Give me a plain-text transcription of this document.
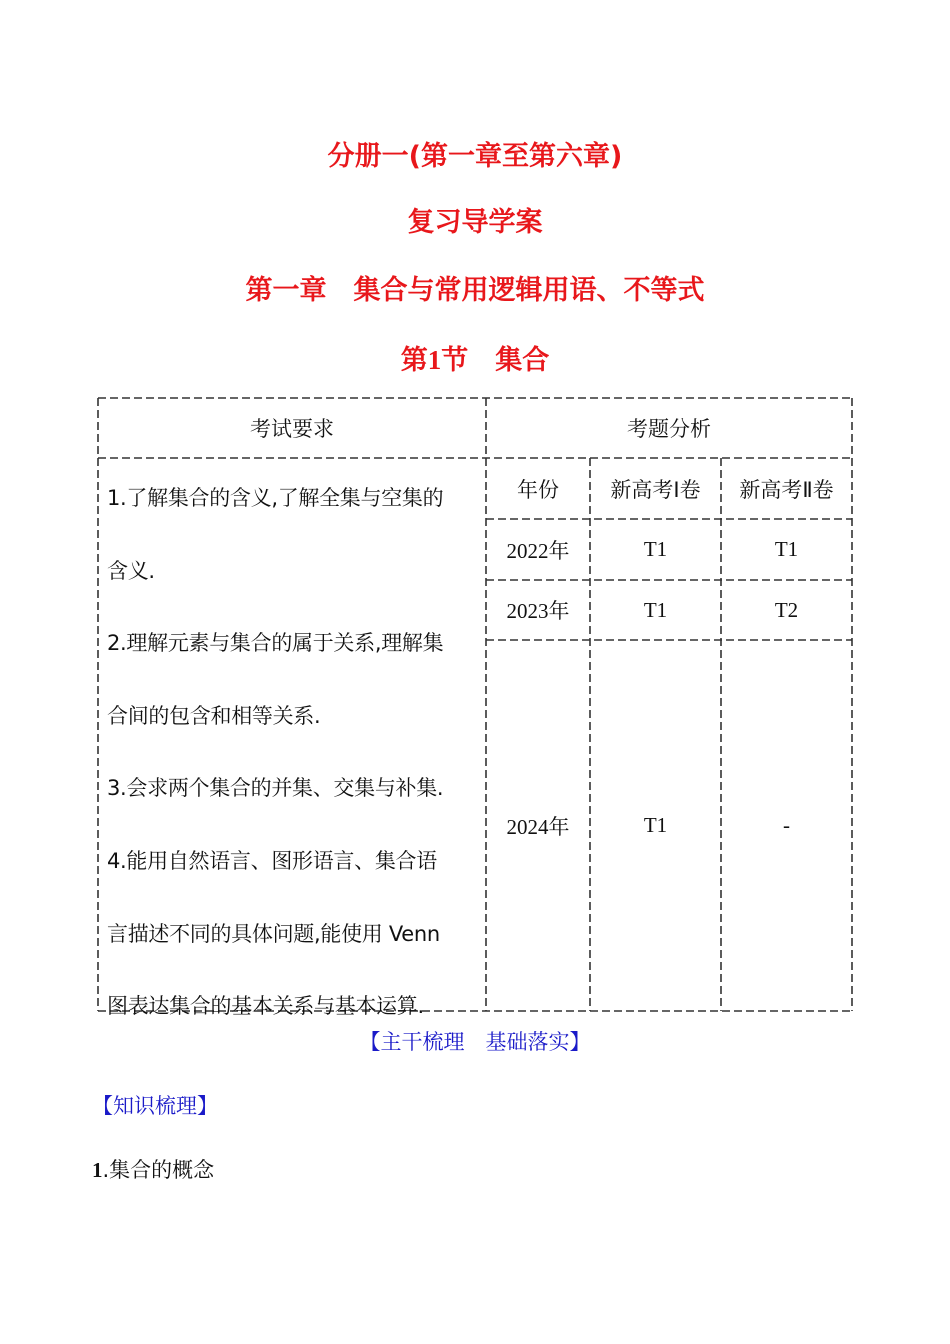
分册一(第一章至第六章)
复习导学案
第一章　集合与常用逻辑用语、不等式
第1节　集合
考试要求	考题分析
年份	新高考Ⅰ卷	新高考Ⅱ卷
2022年	T1	T1
2023年	T1	T2
2024年	T1	-
1.了解集合的含义,了解全集与空集的
含义.
2.理解元素与集合的属于关系,理解集
合间的包含和相等关系.
3.会求两个集合的并集、交集与补集.
4.能用自然语言、图形语言、集合语
言描述不同的具体问题,能使用 Venn
图表达集合的基本关系与基本运算.
【主干梳理　基础落实】
【知识梳理】
1.集合的概念
